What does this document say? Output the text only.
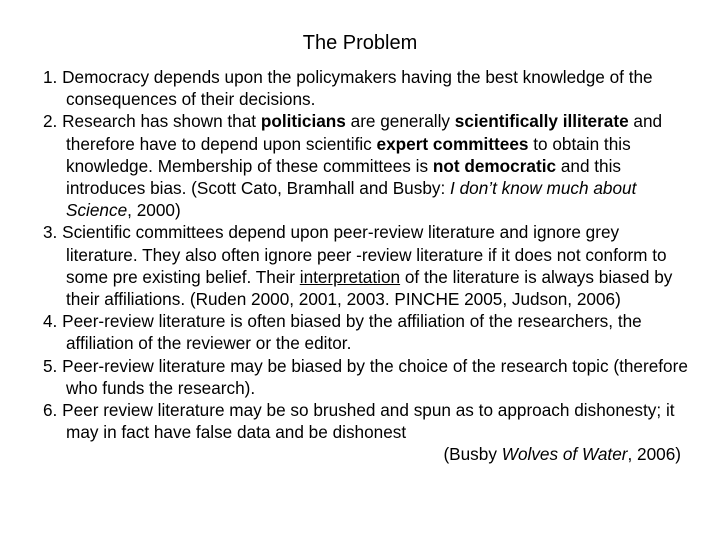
The Problem

1. Democracy depends upon the policymakers having the best knowledge of the consequences of their decisions.

2. Research has shown that politicians are generally scientifically illiterate and therefore have to depend upon scientific expert committees to obtain this knowledge. Membership of these committees is not democratic and this introduces bias. (Scott Cato, Bramhall and Busby: I don’t know much about Science, 2000)

3. Scientific committees depend upon peer-review literature and ignore grey literature. They also often ignore peer -review literature if it does not conform to some pre existing belief. Their interpretation of the literature is always biased by their affiliations. (Ruden 2000, 2001, 2003. PINCHE 2005, Judson, 2006)

4. Peer-review literature is often biased by the affiliation of the researchers, the affiliation of the reviewer or the editor.

5. Peer-review literature may be biased by the choice of the research topic (therefore who funds the research).

6. Peer review literature may be so brushed and spun as to approach dishonesty; it may in fact have false data and be dishonest

(Busby Wolves of Water, 2006)
